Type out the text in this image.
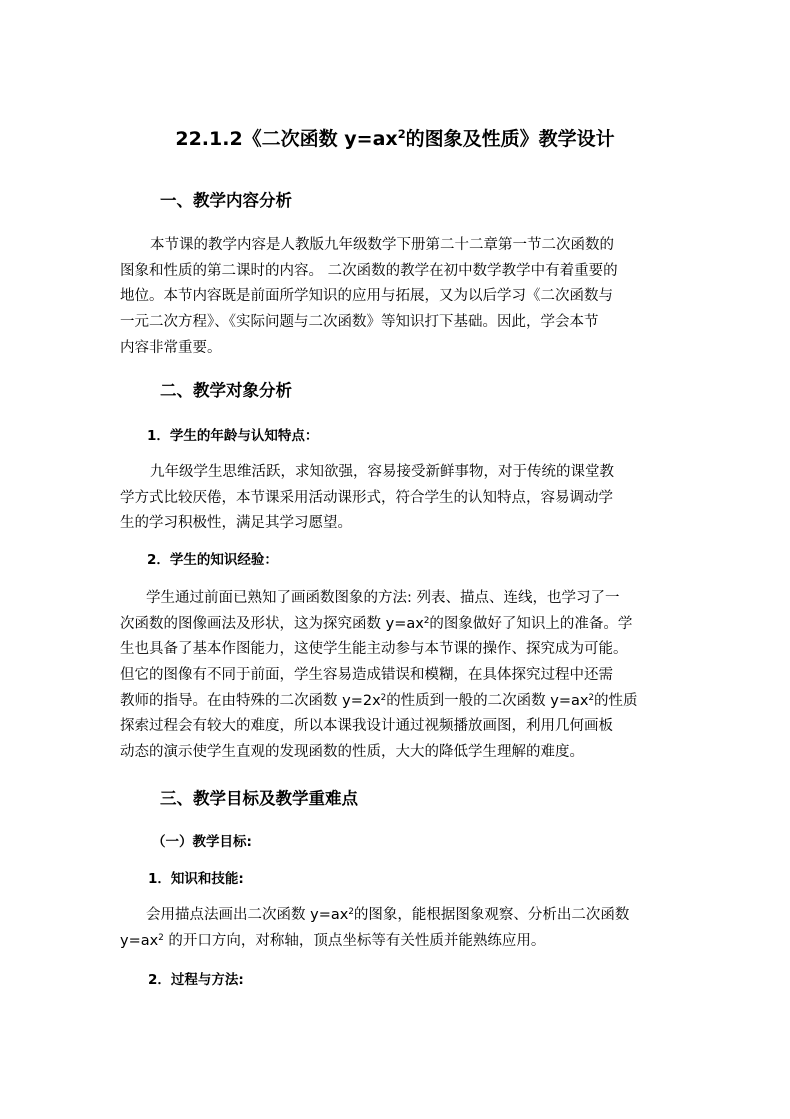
22.1.2《二次函数 $y=ax^2$的图象及性质》教学设计
一、教学内容分析
本节课的教学内容是人教版九年级数学下册第二十二章第一节二次函数的
图象和性质的第二课时的内容。 二次函数的教学在初中数学教学中有着重要的
地位。本节内容既是前面所学知识的应用与拓展，又为以后学习《二次函数与
一元二次方程》、《实际问题与二次函数》等知识打下基础。因此，学会本节
内容非常重要。
二、教学对象分析
1．学生的年龄与认知特点：
九年级学生思维活跃，求知欲强，容易接受新鲜事物，对于传统的课堂教
学方式比较厌倦，本节课采用活动课形式，符合学生的认知特点，容易调动学
生的学习积极性，满足其学习愿望。
2．学生的知识经验：
学生通过前面已熟知了画函数图象的方法: 列表、描点、连线，也学习了一
次函数的图像画法及形状，这为探究函数 $y=ax^2$的图象做好了知识上的准备。学
生也具备了基本作图能力，这使学生能主动参与本节课的操作、探究成为可能。
但它的图像有不同于前面，学生容易造成错误和模糊，在具体探究过程中还需
教师的指导。在由特殊的二次函数 $y=2x^2$的性质到一般的二次函数 $y=ax^2$的性质
探索过程会有较大的难度，所以本课我设计通过视频播放画图，利用几何画板
动态的演示使学生直观的发现函数的性质，大大的降低学生理解的难度。
三、教学目标及教学重难点
（一）教学目标:
1．知识和技能:
会用描点法画出二次函数 $y=ax^2$的图象，能根据图象观察、分析出二次函数
$y=ax^2$ 的开口方向，对称轴，顶点坐标等有关性质并能熟练应用。
2．过程与方法:
